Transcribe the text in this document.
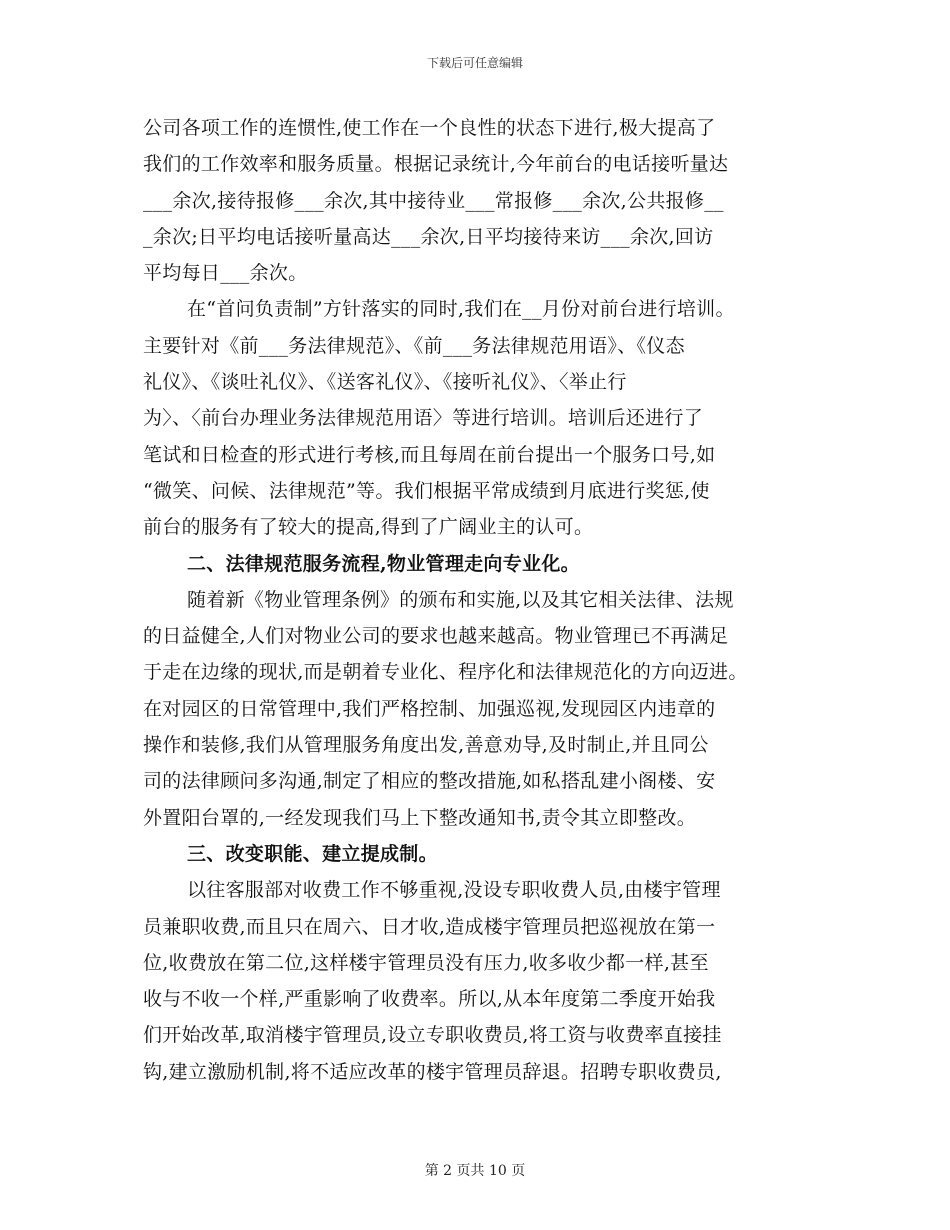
下载后可任意编辑
公司各项工作的连惯性,使工作在一个良性的状态下进行,极大提高了
我们的工作效率和服务质量。根据记录统计,今年前台的电话接听量达
___余次,接待报修___余次,其中接待业___常报修___余次,公共报修__
_余次;日平均电话接听量高达___余次,日平均接待来访___余次,回访
平均每日___余次。
在“首问负责制”方针落实的同时,我们在__月份对前台进行培训。
主要针对《前___务法律规范》、《前___务法律规范用语》、《仪态
礼仪》、《谈吐礼仪》、《送客礼仪》、《接听礼仪》、〈举止行
为〉、〈前台办理业务法律规范用语〉等进行培训。培训后还进行了
笔试和日检查的形式进行考核,而且每周在前台提出一个服务口号,如
“微笑、问候、法律规范”等。我们根据平常成绩到月底进行奖惩,使
前台的服务有了较大的提高,得到了广阔业主的认可。
二、法律规范服务流程,物业管理走向专业化。
随着新《物业管理条例》的颁布和实施,以及其它相关法律、法规
的日益健全,人们对物业公司的要求也越来越高。物业管理已不再满足
于走在边缘的现状,而是朝着专业化、程序化和法律规范化的方向迈进。
在对园区的日常管理中,我们严格控制、加强巡视,发现园区内违章的
操作和装修,我们从管理服务角度出发,善意劝导,及时制止,并且同公
司的法律顾问多沟通,制定了相应的整改措施,如私搭乱建小阁楼、安
外置阳台罩的,一经发现我们马上下整改通知书,责令其立即整改。
三、改变职能、建立提成制。
以往客服部对收费工作不够重视,没设专职收费人员,由楼宇管理
员兼职收费,而且只在周六、日才收,造成楼宇管理员把巡视放在第一
位,收费放在第二位,这样楼宇管理员没有压力,收多收少都一样,甚至
收与不收一个样,严重影响了收费率。所以,从本年度第二季度开始我
们开始改革,取消楼宇管理员,设立专职收费员,将工资与收费率直接挂
钩,建立激励机制,将不适应改革的楼宇管理员辞退。招聘专职收费员,
第 2 页共 10 页
